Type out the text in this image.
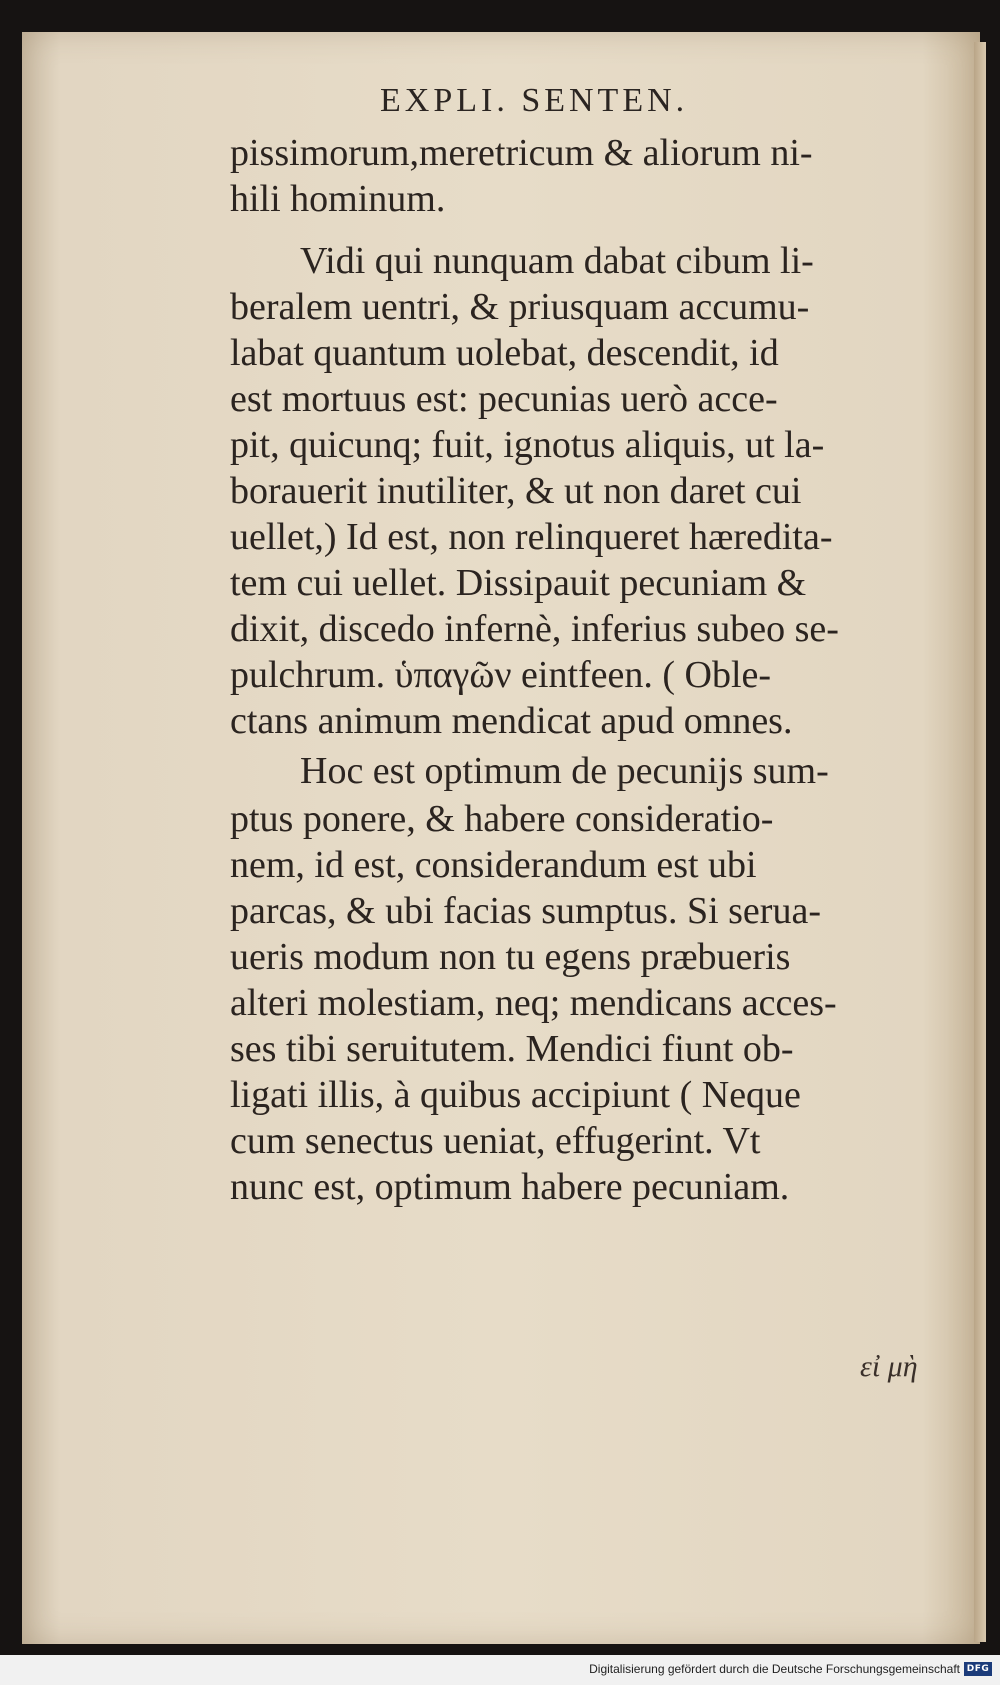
EXPLI. SENTEN.
pissimorum,meretricum & aliorum ni-
hili hominum.
Vidi qui nunquam dabat cibum li-
beralem uentri, & priusquam accumu-
labat quantum uolebat, descendit, id
est mortuus est: pecunias uerò acce-
pit, quicunq; fuit, ignotus aliquis, ut la-
borauerit inutiliter, & ut non daret cui
uellet,) Id est, non relinqueret hæredita-
tem cui uellet. Dissipauit pecuniam &
dixit, discedo infernè, inferius subeo se-
pulchrum. ὑπαγῶν eintfeen. ( Oble-
ctans animum mendicat apud omnes.
Hoc est optimum de pecunijs sum-
ptus ponere, & habere consideratio-
nem, id est, considerandum est ubi
parcas, & ubi facias sumptus. Si serua-
ueris modum non tu egens præbueris
alteri molestiam, neq; mendicans acces-
ses tibi seruitutem. Mendici fiunt ob-
ligati illis, à quibus accipiunt ( Neque
cum senectus ueniat, effugerint. Vt
nunc est, optimum habere pecuniam.
εἰ μὴ
Digitalisierung gefördert durch die Deutsche Forschungsgemeinschaft DFG
